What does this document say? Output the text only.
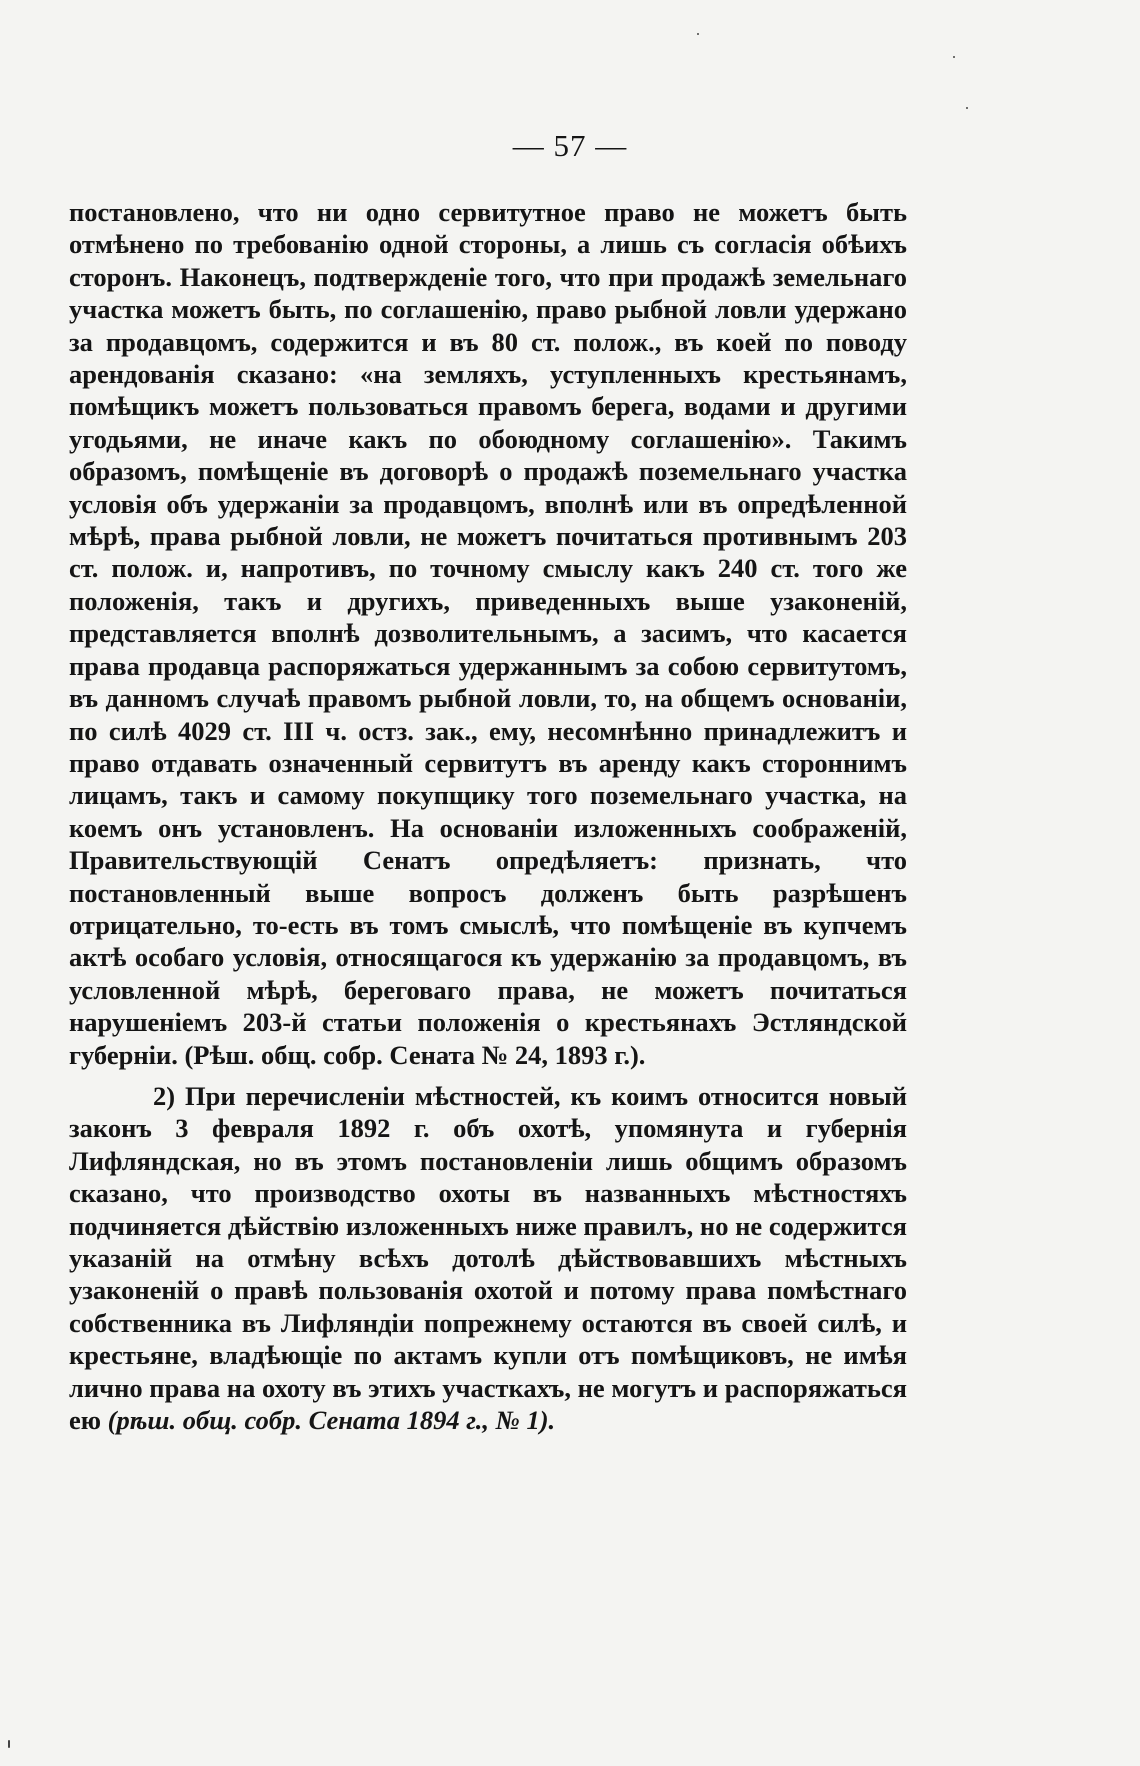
— 57 —

постановлено, что ни одно сервитутное право не можетъ быть отмѣнено по требованію одной стороны, а лишь съ согласія обѣихъ сторонъ. Наконецъ, подтвержденіе того, что при продажѣ земельнаго участка можетъ быть, по соглашенію, право рыбной ловли удержано за продавцомъ, содержится и въ 80 ст. полож., въ коей по поводу арендованія сказано: «на земляхъ, уступленныхъ крестьянамъ, помѣщикъ можетъ пользоваться правомъ берега, водами и другими угодьями, не иначе какъ по обоюдному соглашенію». Такимъ образомъ, помѣщеніе въ договорѣ о продажѣ поземельнаго участка условія объ удержаніи за продавцомъ, вполнѣ или въ опредѣленной мѣрѣ, права рыбной ловли, не можетъ почитаться противнымъ 203 ст. полож. и, напротивъ, по точному смыслу какъ 240 ст. того же положенія, такъ и другихъ, приведенныхъ выше узаконеній, представляется вполнѣ дозволительнымъ, а засимъ, что касается права продавца распоряжаться удержаннымъ за собою сервитутомъ, въ данномъ случаѣ правомъ рыбной ловли, то, на общемъ основаніи, по силѣ 4029 ст. III ч. остз. зак., ему, несомнѣнно принадлежитъ и право отдавать означенный сервитутъ въ аренду какъ стороннимъ лицамъ, такъ и самому покупщику того поземельнаго участка, на коемъ онъ установленъ. На основаніи изложенныхъ соображеній, Правительствующій Сенатъ опредѣляетъ: признать, что постановленный выше вопросъ долженъ быть разрѣшенъ отрицательно, то-есть въ томъ смыслѣ, что помѣщеніе въ купчемъ актѣ особаго условія, относящагося къ удержанію за продавцомъ, въ условленной мѣрѣ, береговаго права, не можетъ почитаться нарушеніемъ 203-й статьи положенія о крестьянахъ Эстляндской губерніи. (Рѣш. общ. собр. Сената № 24, 1893 г.).

2) При перечисленіи мѣстностей, къ коимъ относится новый законъ 3 февраля 1892 г. объ охотѣ, упомянута и губернія Лифляндская, но въ этомъ постановленіи лишь общимъ образомъ сказано, что производство охоты въ названныхъ мѣстностяхъ подчиняется дѣйствію изложенныхъ ниже правилъ, но не содержится указаній на отмѣну всѣхъ дотолѣ дѣйствовавшихъ мѣстныхъ узаконеній о правѣ пользованія охотой и потому права помѣстнаго собственника въ Лифляндіи попрежнему остаются въ своей силѣ, и крестьяне, владѣющіе по актамъ купли отъ помѣщиковъ, не имѣя лично права на охоту въ этихъ участкахъ, не могутъ и распоряжаться ею (рѣш. общ. собр. Сената 1894 г., № 1).
